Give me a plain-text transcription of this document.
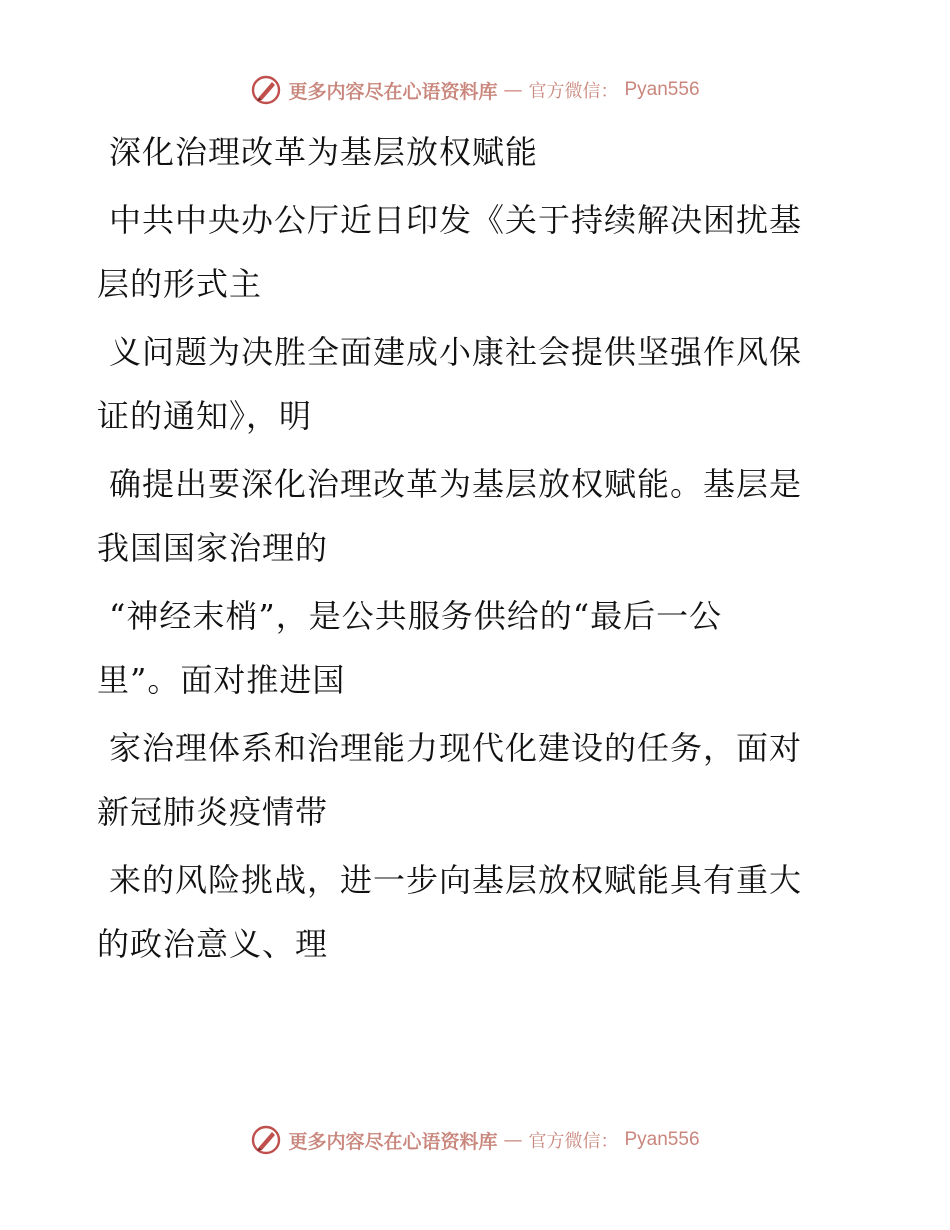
更多内容尽在心语资料库 — 官方微信： Pyan556
深化治理改革为基层放权赋能
中共中央办公厅近日印发《关于持续解决困扰基
层的形式主
义问题为决胜全面建成小康社会提供坚强作风保
证的通知》，明
确提出要深化治理改革为基层放权赋能。基层是
我国国家治理的
“神经末梢”，是公共服务供给的“最后一公
里”。面对推进国
家治理体系和治理能力现代化建设的任务，面对
新冠肺炎疫情带
来的风险挑战，进一步向基层放权赋能具有重大
的政治意义、理
更多内容尽在心语资料库 — 官方微信： Pyan556
